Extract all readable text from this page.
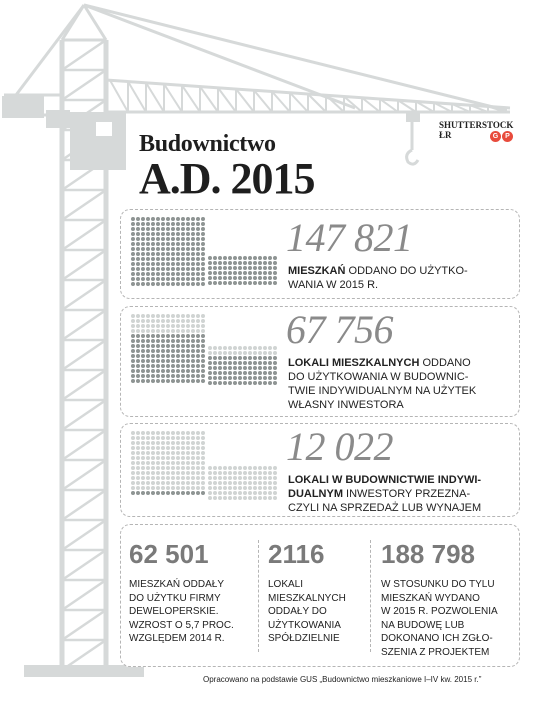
Budownictwo
A.D. 2015
SHUTTERSTOCK
ŁR	G P
147 821
MIESZKAŃ ODDANO DO UŻYTKO-
WANIA W 2015 R.
67 756
LOKALI MIESZKALNYCH ODDANO
DO UŻYTKOWANIA W BUDOWNIC-
TWIE INDYWIDUALNYM NA UŻYTEK
WŁASNY INWESTORA
12 022
LOKALI W BUDOWNICTWIE INDYWI-
DUALNYM INWESTORY PRZEZNA-
CZYLI NA SPRZEDAŻ LUB WYNAJEM
62 501
MIESZKAŃ ODDAŁY
DO UŻYTKU FIRMY
DEWELOPERSKIE.
WZROST O 5,7 PROC.
WZGLĘDEM 2014 R.
2116
LOKALI
MIESZKALNYCH
ODDAŁY DO
UŻYTKOWANIA
SPÓŁDZIELNIE
188 798
W STOSUNKU DO TYLU
MIESZKAŃ WYDANO
W 2015 R. POZWOLENIA
NA BUDOWĘ LUB
DOKONANO ICH ZGŁO-
SZENIA Z PROJEKTEM
Opracowano na podstawie GUS „Budownictwo mieszkaniowe I–IV kw. 2015 r.”
